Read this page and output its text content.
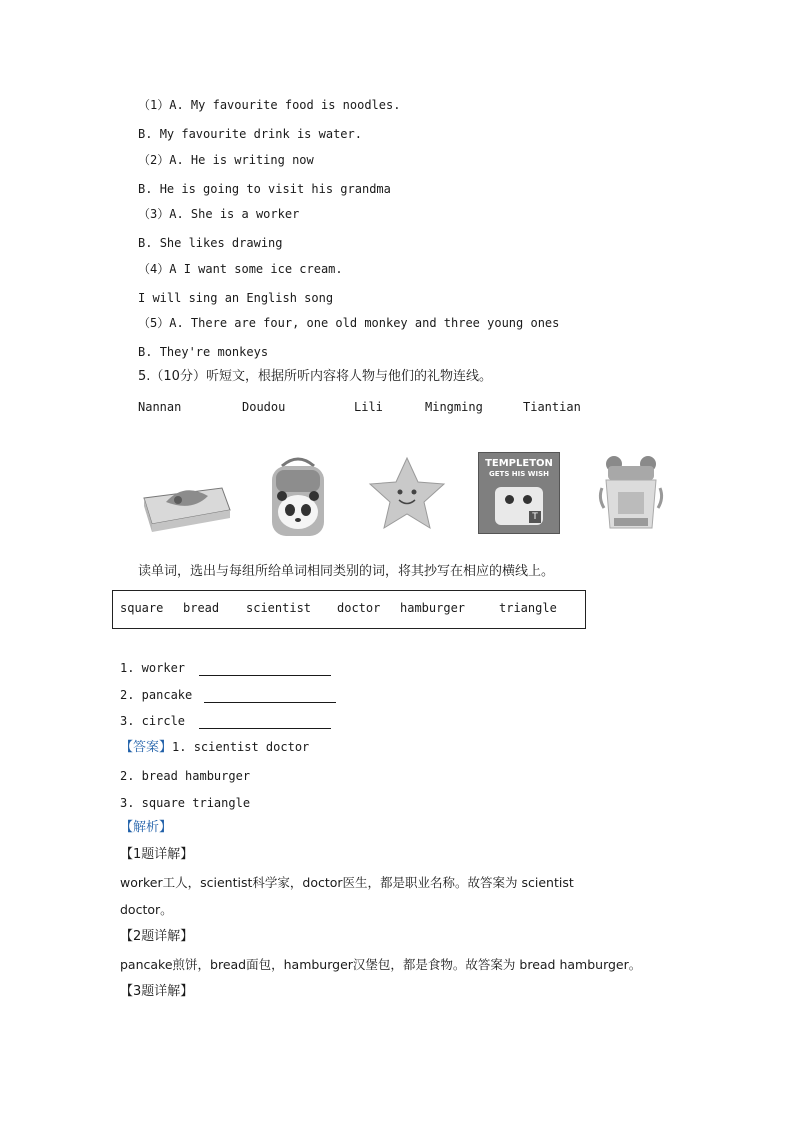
（1）A. My favourite food is noodles.
B. My favourite drink is water.
（2）A. He is writing now
B. He is going to visit his grandma
（3）A. She is a worker
B. She likes drawing
（4）A I want some ice cream.
I will sing an English song
（5）A. There are four, one old monkey and three young ones
B. They're monkeys
5.（10分）听短文，根据所听内容将人物与他们的礼物连线。
Nannan	Doudou	Lili	Mingming	Tiantian
TEMPLETON
GETS HIS WISH
T
读单词，选出与每组所给单词相同类别的词，将其抄写在相应的横线上。
square bread scientist doctor hamburger	triangle
1. worker
2. pancake
3. circle
【答案】1. scientist doctor
2. bread hamburger
3. square triangle
【解析】
【1题详解】
worker工人，scientist科学家，doctor医生，都是职业名称。故答案为 scientist
doctor。
【2题详解】
pancake煎饼，bread面包，hamburger汉堡包，都是食物。故答案为 bread hamburger。
【3题详解】
